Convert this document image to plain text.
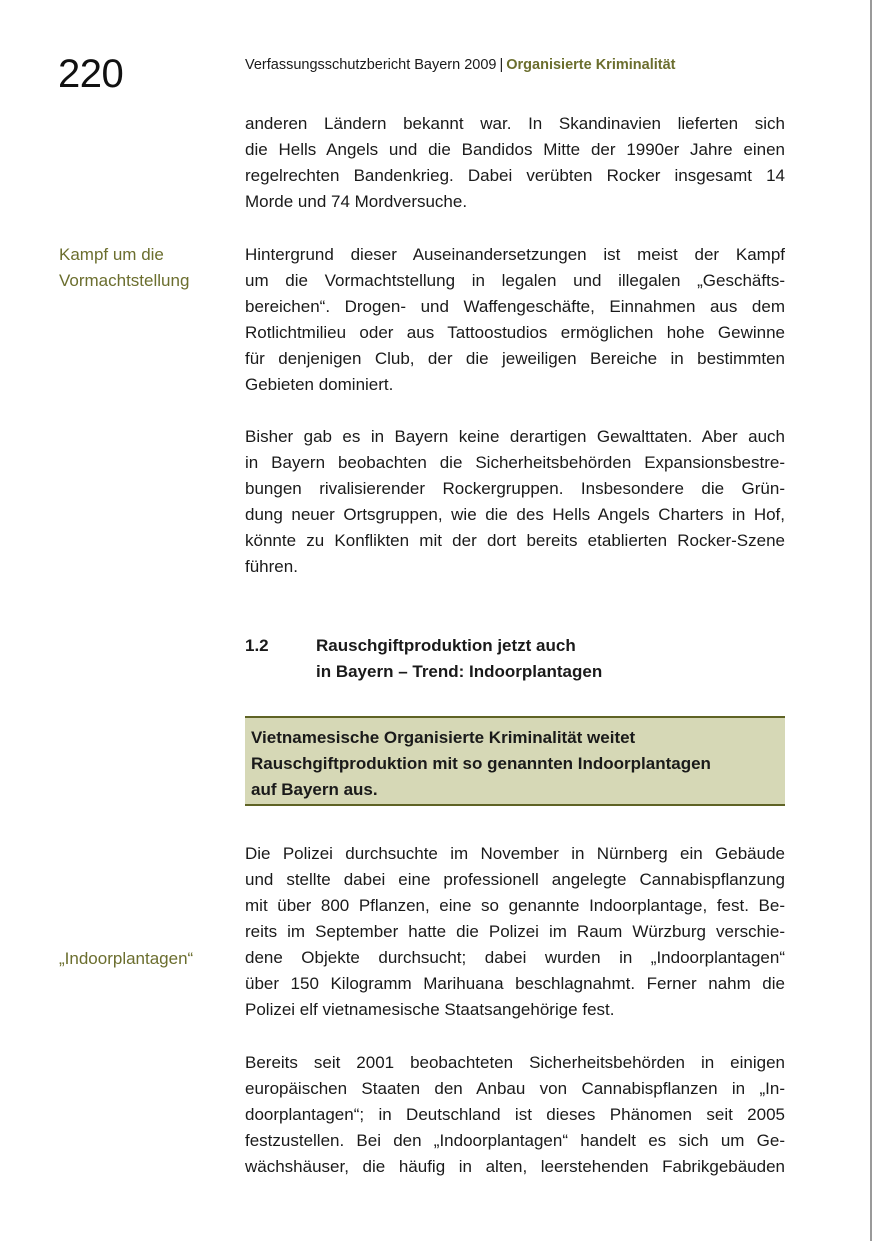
220	Verfassungsschutzbericht Bayern 2009 | Organisierte Kriminalität
anderen Ländern bekannt war. In Skandinavien lieferten sich
die Hells Angels und die Bandidos Mitte der 1990er Jahre einen
regelrechten Bandenkrieg. Dabei verübten Rocker insgesamt 14
Morde und 74 Mordversuche.
Kampf um die
Vormachtstellung
Hintergrund dieser Auseinandersetzungen ist meist der Kampf
um die Vormachtstellung in legalen und illegalen „Geschäfts-
bereichen“. Drogen- und Waffengeschäfte, Einnahmen aus dem
Rotlichtmilieu oder aus Tattoostudios ermöglichen hohe Gewinne
für denjenigen Club, der die jeweiligen Bereiche in bestimmten
Gebieten dominiert.
Bisher gab es in Bayern keine derartigen Gewalttaten. Aber auch
in Bayern beobachten die Sicherheitsbehörden Expansionsbestre-
bungen rivalisierender Rockergruppen. Insbesondere die Grün-
dung neuer Ortsgruppen, wie die des Hells Angels Charters in Hof,
könnte zu Konflikten mit der dort bereits etablierten Rocker-Szene
führen.
1.2	Rauschgiftproduktion jetzt auch
in Bayern – Trend: Indoorplantagen
Vietnamesische Organisierte Kriminalität weitet
Rauschgiftproduktion mit so genannten Indoorplantagen
auf Bayern aus.
Die Polizei durchsuchte im November in Nürnberg ein Gebäude
und stellte dabei eine professionell angelegte Cannabispflanzung
mit über 800 Pflanzen, eine so genannte Indoorplantage, fest. Be-
reits im September hatte die Polizei im Raum Würzburg verschie-
dene Objekte durchsucht; dabei wurden in „Indoorplantagen“
über 150 Kilogramm Marihuana beschlagnahmt. Ferner nahm die
Polizei elf vietnamesische Staatsangehörige fest.
„Indoorplantagen“
Bereits seit 2001 beobachteten Sicherheitsbehörden in einigen
europäischen Staaten den Anbau von Cannabispflanzen in „In-
doorplantagen“; in Deutschland ist dieses Phänomen seit 2005
festzustellen. Bei den „Indoorplantagen“ handelt es sich um Ge-
wächshäuser, die häufig in alten, leerstehenden Fabrikgebäuden
